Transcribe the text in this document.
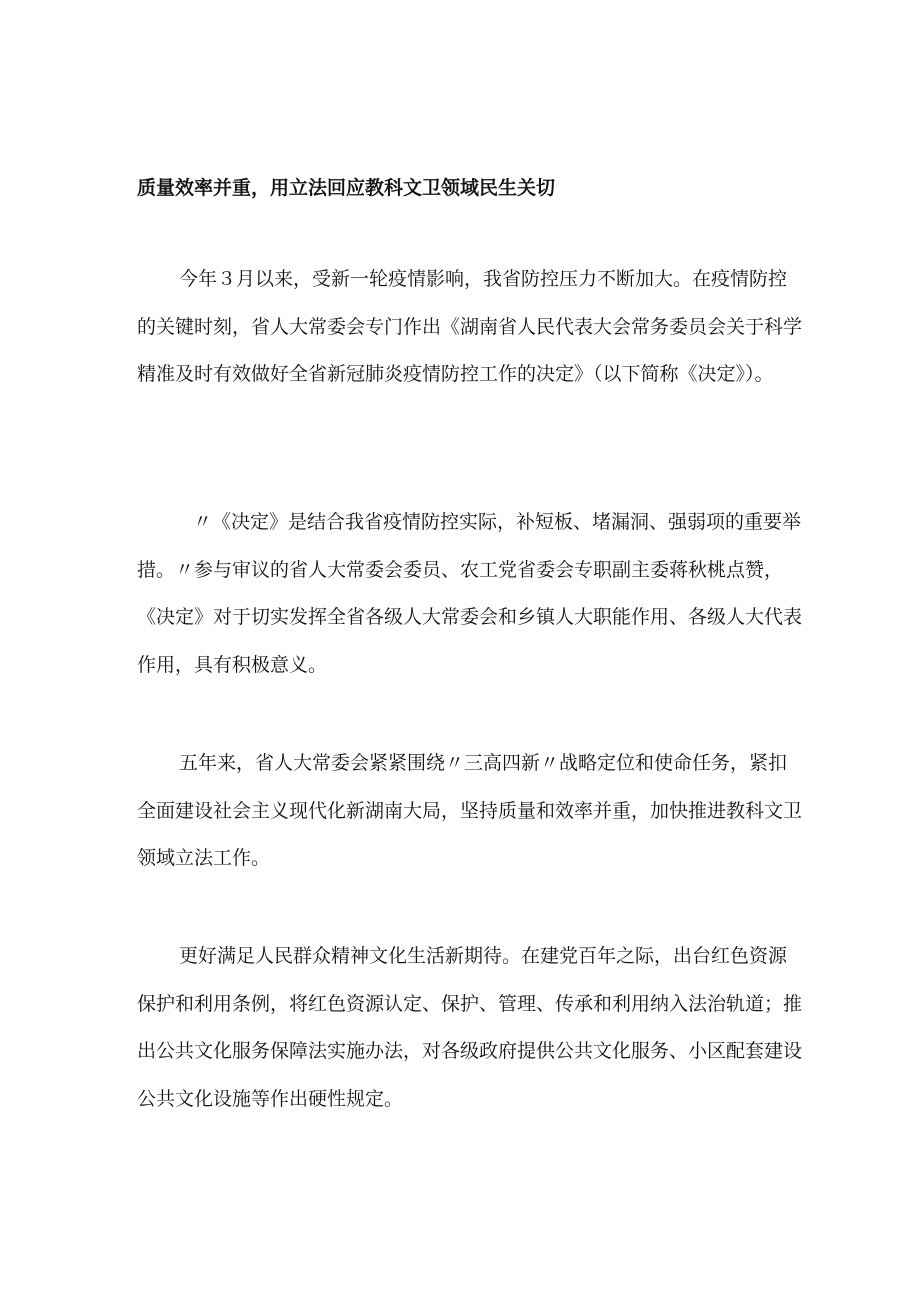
质量效率并重，用立法回应教科文卫领域民生关切

今年３月以来，受新一轮疫情影响，我省防控压力不断加大。在疫情防控的关键时刻，省人大常委会专门作出《湖南省人民代表大会常务委员会关于科学精准及时有效做好全省新冠肺炎疫情防控工作的决定》（以下简称《决定》）。

〃《决定》是结合我省疫情防控实际，补短板、堵漏洞、强弱项的重要举措。〃参与审议的省人大常委会委员、农工党省委会专职副主委蒋秋桃点赞，《决定》对于切实发挥全省各级人大常委会和乡镇人大职能作用、各级人大代表作用，具有积极意义。

五年来，省人大常委会紧紧围绕〃三高四新〃战略定位和使命任务，紧扣全面建设社会主义现代化新湖南大局，坚持质量和效率并重，加快推进教科文卫领域立法工作。

更好满足人民群众精神文化生活新期待。在建党百年之际，出台红色资源保护和利用条例，将红色资源认定、保护、管理、传承和利用纳入法治轨道；推出公共文化服务保障法实施办法，对各级政府提供公共文化服务、小区配套建设公共文化设施等作出硬性规定。
